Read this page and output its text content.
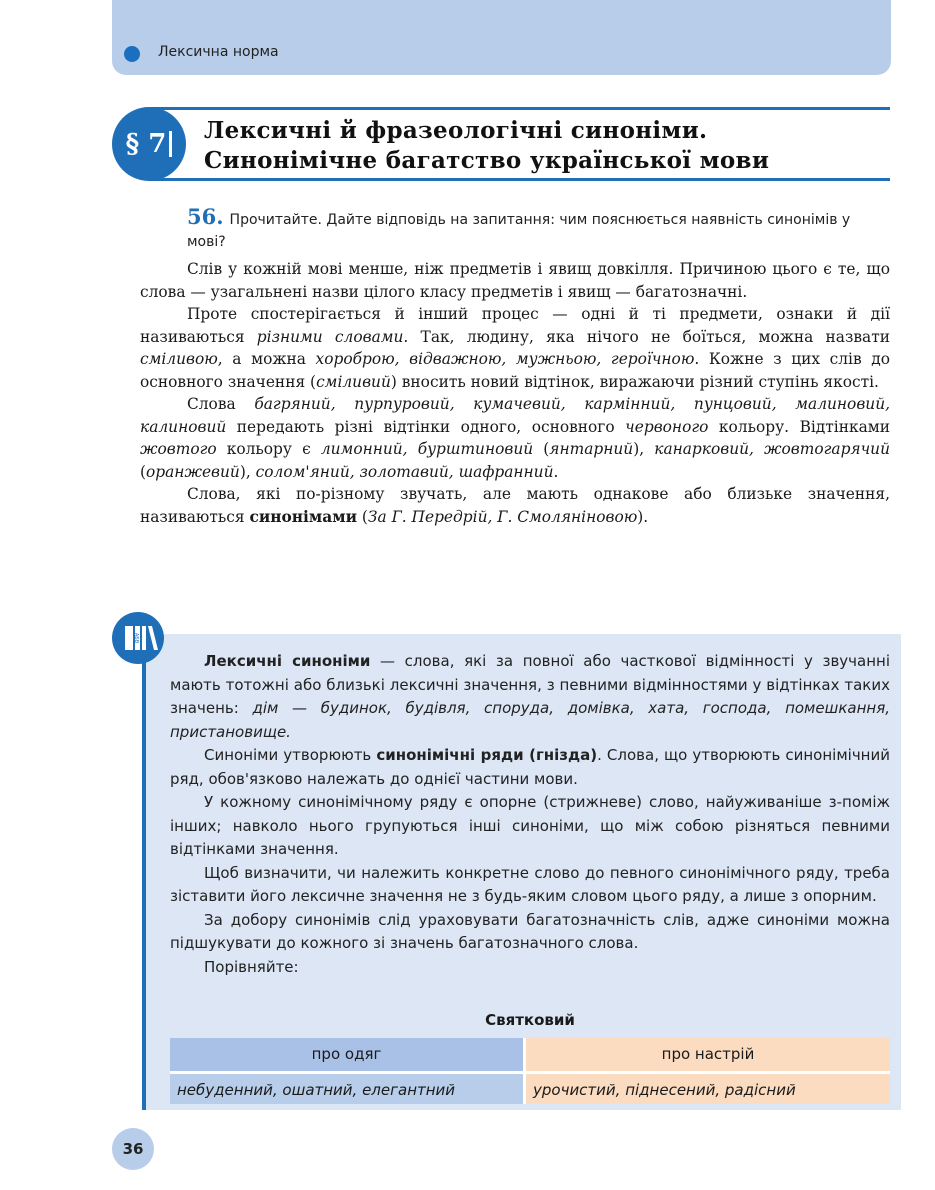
Лексична норма
§ 7	Лексичні й фразеологічні синоніми.
Синонімічне багатство української мови
56. Прочитайте. Дайте відповідь на запитання: чим пояснюється наявність синонімів у мові?

Слів у кожній мові менше, ніж предметів і явищ довкілля. Причиною цього є те, що слова — узагальнені назви цілого класу предметів і явищ — багатозначні.

Проте спостерігається й інший процес — одні й ті предмети, ознаки й дії називаються різними словами. Так, людину, яка нічого не боїться, можна назвати сміливою, а можна хороброю, відважною, мужньою, героїчною. Кожне з цих слів до основного значення (сміливий) вносить новий відтінок, виражаючи різний ступінь якості.

Слова багряний, пурпуровий, кумачевий, кармінний, пунцовий, малиновий, калиновий передають різні відтінки одного, основного червоного кольору. Відтінками жовтого кольору є лимонний, бурштиновий (янтарний), канарковий, жовтогарячий (оранжевий), солом'яний, золотавий, шафранний.

Слова, які по-різному звучать, але мають однакове або близьке значення, називаються синонімами (За Г. Передрій, Г. Смоляніновою).

АБВ

Лексичні синоніми — слова, які за повної або часткової відмінності у звучанні мають тотожні або близькі лексичні значення, з певними відмінностями у відтінках таких значень: дім — будинок, будівля, споруда, домівка, хата, господа, помешкання, пристановище.

Синоніми утворюють синонімічні ряди (гнізда). Слова, що утворюють синонімічний ряд, обов'язково належать до однієї частини мови.

У кожному синонімічному ряду є опорне (стрижневе) слово, найуживаніше з-поміж інших; навколо нього групуються інші синоніми, що між собою різняться певними відтінками значення.

Щоб визначити, чи належить конкретне слово до певного синонімічного ряду, треба зіставити його лексичне значення не з будь-яким словом цього ряду, а лише з опорним.

За добору синонімів слід ураховувати багатозначність слів, адже синоніми можна підшукувати до кожного зі значень багатозначного слова.

Порівняйте:

Святковий
про одяг	про настрій
небуденний, ошатний, елегантний	урочистий, піднесений, радісний
36
